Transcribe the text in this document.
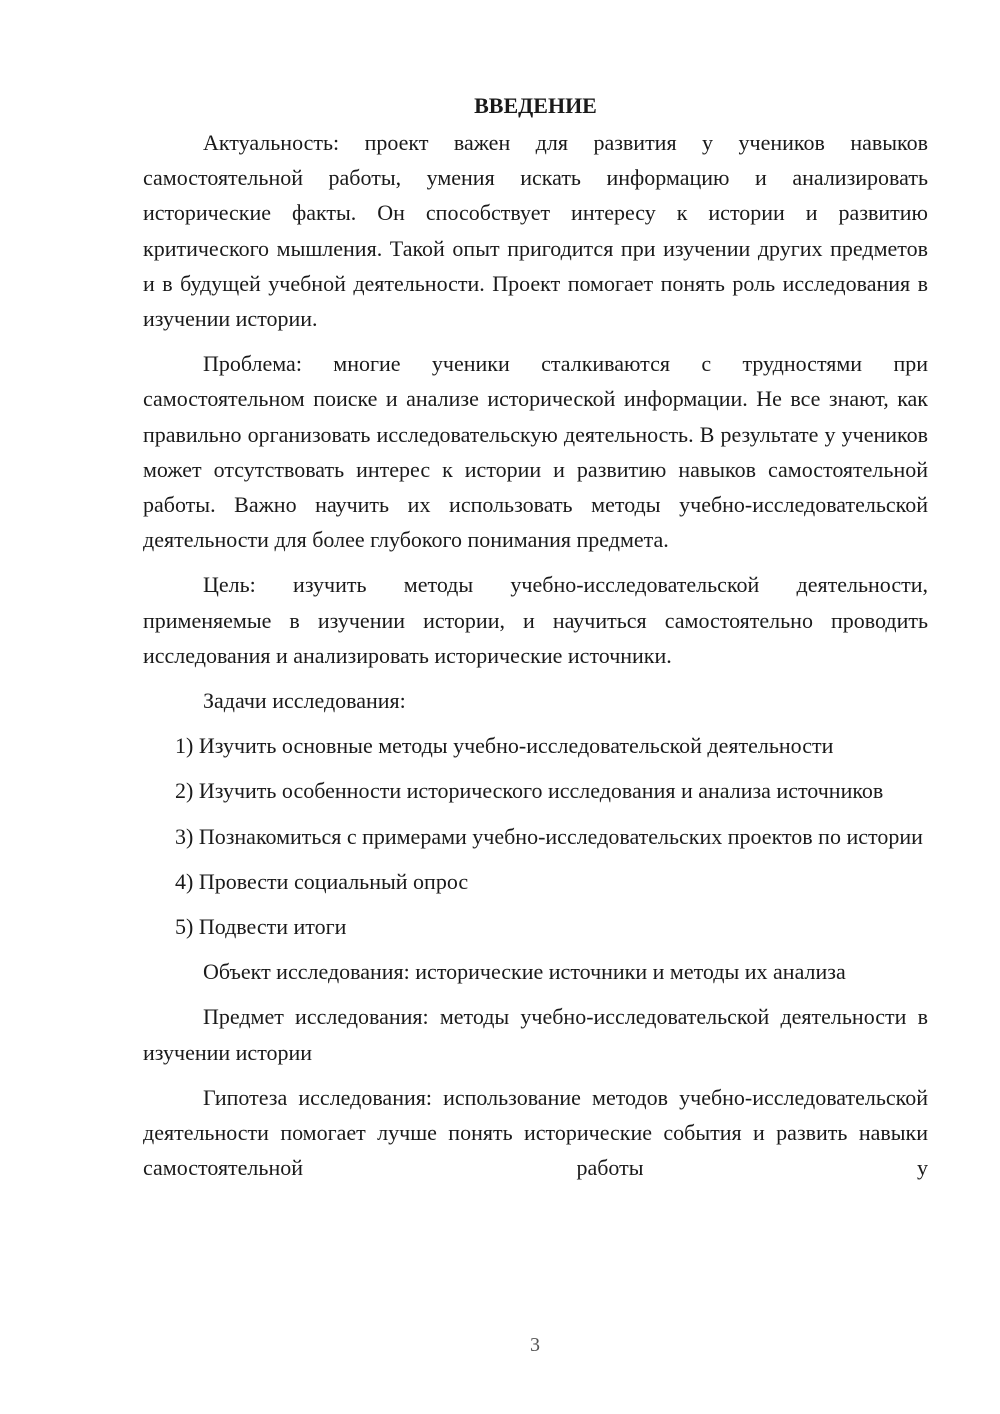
ВВЕДЕНИЕ

Актуальность: проект важен для развития у учеников навыков самостоятельной работы, умения искать информацию и анализировать исторические факты. Он способствует интересу к истории и развитию критического мышления. Такой опыт пригодится при изучении других предметов и в будущей учебной деятельности. Проект помогает понять роль исследования в изучении истории.

Проблема: многие ученики сталкиваются с трудностями при самостоятельном поиске и анализе исторической информации. Не все знают, как правильно организовать исследовательскую деятельность. В результате у учеников может отсутствовать интерес к истории и развитию навыков самостоятельной работы. Важно научить их использовать методы учебно-исследовательской деятельности для более глубокого понимания предмета.

Цель: изучить методы учебно-исследовательской деятельности, применяемые в изучении истории, и научиться самостоятельно проводить исследования и анализировать исторические источники.

Задачи исследования:

1) Изучить основные методы учебно-исследовательской деятельности
2) Изучить особенности исторического исследования и анализа источников
3) Познакомиться с примерами учебно-исследовательских проектов по истории
4) Провести социальный опрос
5) Подвести итоги

Объект исследования: исторические источники и методы их анализа

Предмет исследования: методы учебно-исследовательской деятельности в изучении истории

Гипотеза исследования: использование методов учебно-исследовательской деятельности помогает лучше понять исторические события и развить навыки самостоятельной работы у

3
